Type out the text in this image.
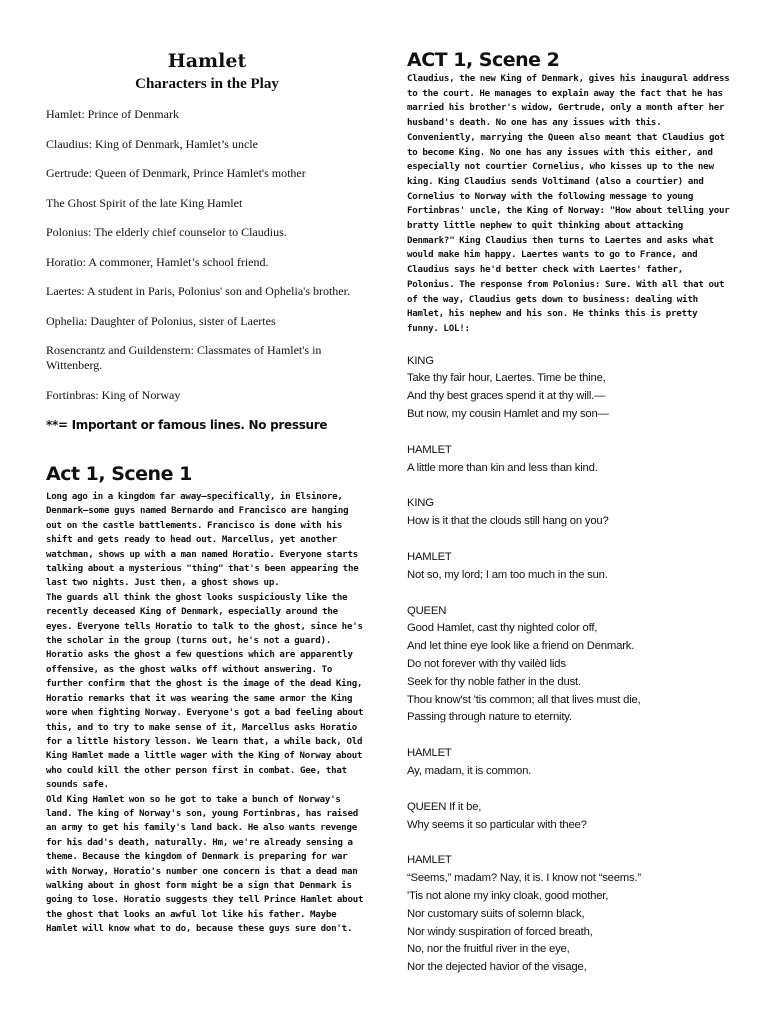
Hamlet
Characters in the Play
Hamlet: Prince of Denmark
Claudius: King of Denmark, Hamlet’s uncle
Gertrude: Queen of Denmark, Prince Hamlet's mother
The Ghost Spirit of the late King Hamlet
Polonius: The elderly chief counselor to Claudius.
Horatio: A commoner, Hamlet’s school friend.
Laertes: A student in Paris, Polonius' son and Ophelia's brother.
Ophelia: Daughter of Polonius, sister of Laertes
Rosencrantz and Guildenstern: Classmates of Hamlet's in Wittenberg.
Fortinbras: King of Norway

**= Important or famous lines. No pressure

Act 1, Scene 1

Long ago in a kingdom far away—specifically, in Elsinore, Denmark—some guys named Bernardo and Francisco are hanging out on the castle battlements. Francisco is done with his shift and gets ready to head out. Marcellus, yet another watchman, shows up with a man named Horatio. Everyone starts talking about a mysterious "thing" that's been appearing the last two nights. Just then, a ghost shows up.

The guards all think the ghost looks suspiciously like the recently deceased King of Denmark, especially around the eyes. Everyone tells Horatio to talk to the ghost, since he's the scholar in the group (turns out, he's not a guard). Horatio asks the ghost a few questions which are apparently offensive, as the ghost walks off without answering. To further confirm that the ghost is the image of the dead King, Horatio remarks that it was wearing the same armor the King wore when fighting Norway. Everyone's got a bad feeling about this, and to try to make sense of it, Marcellus asks Horatio for a little history lesson. We learn that, a while back, Old King Hamlet made a little wager with the King of Norway about who could kill the other person first in combat. Gee, that sounds safe.

Old King Hamlet won so he got to take a bunch of Norway's land. The king of Norway's son, young Fortinbras, has raised an army to get his family's land back. He also wants revenge for his dad's death, naturally. Hm, we're already sensing a theme. Because the kingdom of Denmark is preparing for war with Norway, Horatio's number one concern is that a dead man walking about in ghost form might be a sign that Denmark is going to lose. Horatio suggests they tell Prince Hamlet about the ghost that looks an awful lot like his father. Maybe Hamlet will know what to do, because these guys sure don't.

ACT 1, Scene 2

Claudius, the new King of Denmark, gives his inaugural address to the court. He manages to explain away the fact that he has married his brother's widow, Gertrude, only a month after her husband's death. No one has any issues with this. Conveniently, marrying the Queen also meant that Claudius got to become King. No one has any issues with this either, and especially not courtier Cornelius, who kisses up to the new king. King Claudius sends Voltimand (also a courtier) and Cornelius to Norway with the following message to young Fortinbras' uncle, the King of Norway: "How about telling your bratty little nephew to quit thinking about attacking Denmark?" King Claudius then turns to Laertes and asks what would make him happy. Laertes wants to go to France, and Claudius says he'd better check with Laertes' father, Polonius. The response from Polonius: Sure. With all that out of the way, Claudius gets down to business: dealing with Hamlet, his nephew and his son. He thinks this is pretty funny. LOL!:

KING

Take thy fair hour, Laertes. Time be thine,

And thy best graces spend it at thy will.—

But now, my cousin Hamlet and my son—

HAMLET

A little more than kin and less than kind.

KING

How is it that the clouds still hang on you?

HAMLET

Not so, my lord; I am too much in the sun.

QUEEN

Good Hamlet, cast thy nighted color off,

And let thine eye look like a friend on Denmark.

Do not forever with thy vailèd lids

Seek for thy noble father in the dust.

Thou know'st 'tis common; all that lives must die,

Passing through nature to eternity.

HAMLET

Ay, madam, it is common.

QUEEN If it be,

Why seems it so particular with thee?

HAMLET

“Seems,” madam? Nay, it is. I know not “seems.”

'Tis not alone my inky cloak, good mother,

Nor customary suits of solemn black,

Nor windy suspiration of forced breath,

No, nor the fruitful river in the eye,

Nor the dejected havior of the visage,
